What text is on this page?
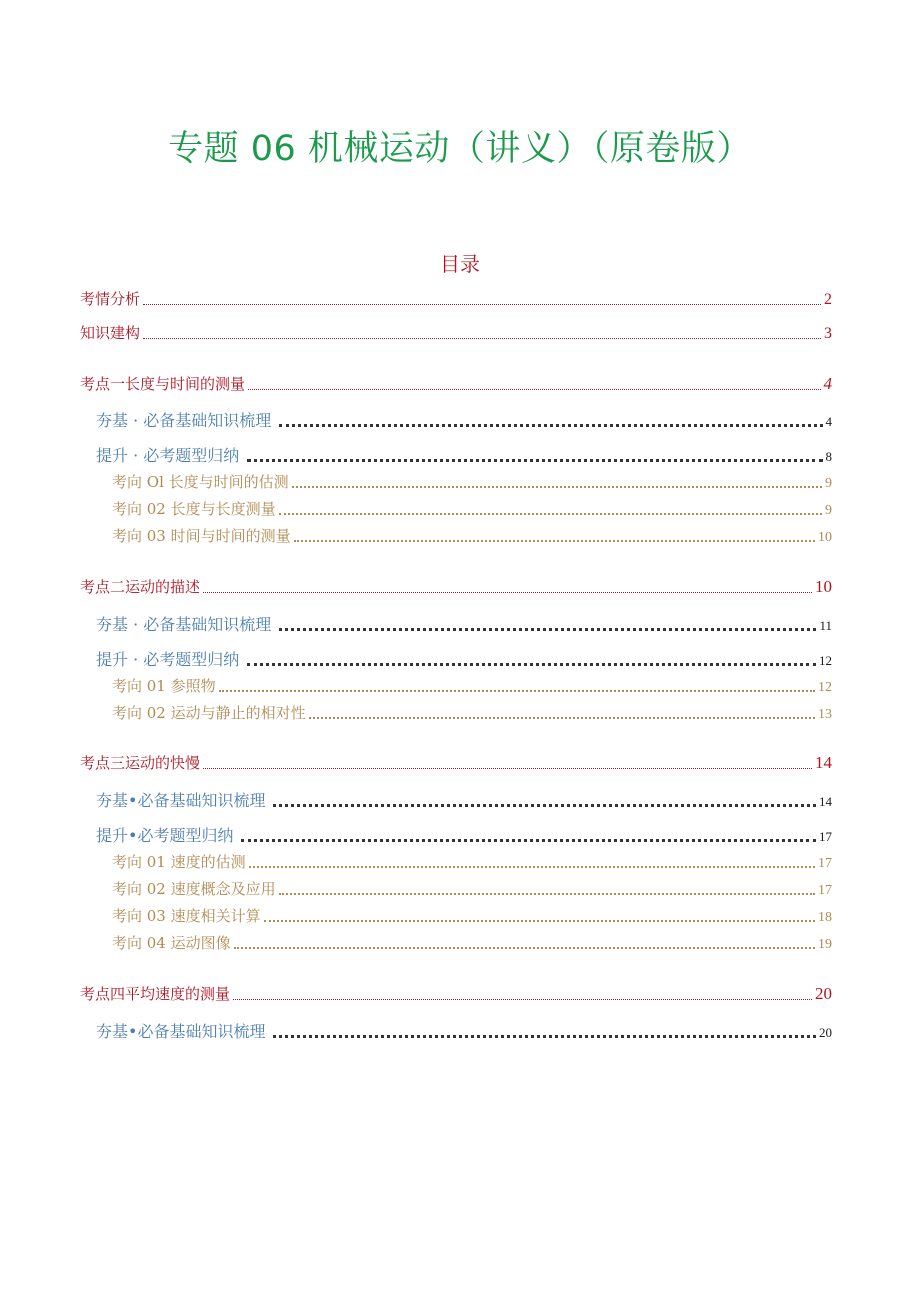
专题 06 机械运动（讲义）（原卷版）
目录
考情分析	2
知识建构	3
考点一长度与时间的测量	4
夯基 · 必备基础知识梳理	4
提升 · 必考题型归纳	8
考向 Ol 长度与时间的估测	9
考向 02 长度与长度测量	9
考向 03 时间与时间的测量	10
考点二运动的描述	10
夯基 · 必备基础知识梳理	11
提升 · 必考题型归纳	12
考向 01 参照物	12
考向 02 运动与静止的相对性	13
考点三运动的快慢	14
夯基•必备基础知识梳理	14
提升•必考题型归纳	17
考向 01 速度的估测	17
考向 02 速度概念及应用	17
考向 03 速度相关计算	18
考向 04 运动图像	19
考点四平均速度的测量	20
夯基•必备基础知识梳理	20
